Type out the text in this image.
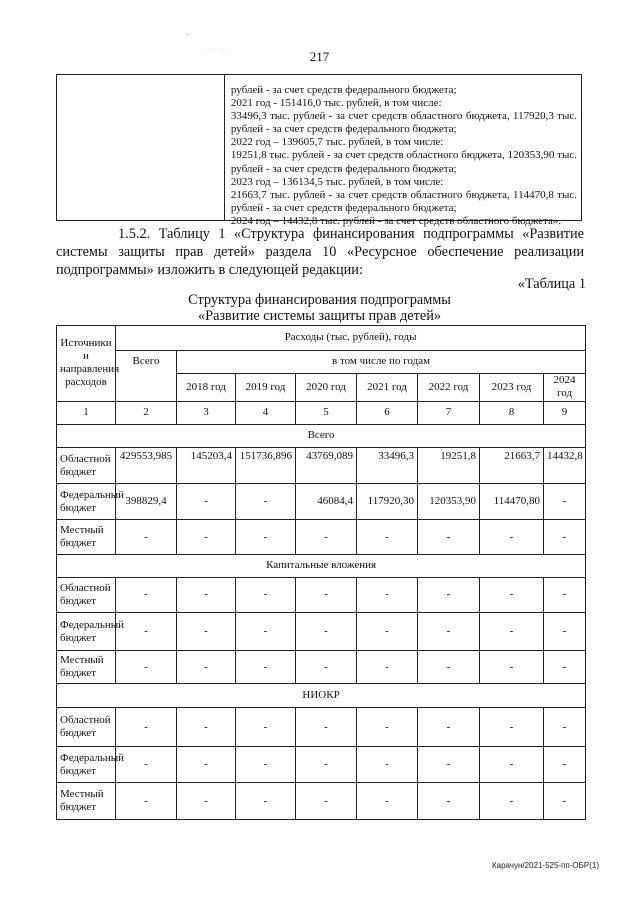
-
' ' ' ' ' '	217
рублей - за счет средств федерального бюджета;
2021 год - 151416,0 тыс. рублей, в том числе:
33496,3 тыс. рублей - за счет средств областного бюджета, 117920,3 тыс.
рублей - за счет средств федерального бюджета;
2022 год – 139605,7 тыс. рублей, в том числе:
19251,8 тыс. рублей - за счет средств областного бюджета, 120353,90 тыс.
рублей - за счет средств федерального бюджета;
2023 год – 136134,5 тыс. рублей, в том числе:
21663,7 тыс. рублей - за счет средств областного бюджета, 114470,8 тыс.
рублей - за счет средств федерального бюджета;
2024 год – 14432,8 тыс. рублей - за счет средств областного бюджета».
1.5.2. Таблицу 1 «Структура финансирования подпрограммы «Развитие
системы защиты прав детей» раздела 10 «Ресурсное обеспечение реализации
подпрограммы» изложить в следующей редакции:
«Таблица 1
Структура финансирования подпрограммы
«Развитие системы защиты прав детей»
Источники и направления расходов	Расходы (тыс. рублей), годы							
	Всего	в том числе по годам						
		2018 год	2019 год	2020 год	2021 год	2022 год	2023 год	2024 год
1	2	3	4	5	6	7	8	9
Всего								
Областной бюджет	429553,985	145203,4	151736,896	43769,089	33496,3	19251,8	21663,7	14432,8
Федеральный бюджет	398829,4	-	-	46084,4	117920,30	120353,90	114470,80	-
Местный бюджет	-	-	-	-	-	-	-	-
Капитальные вложения								
Областной бюджет	-	-	-	-	-	-	-	-
Федеральный бюджет	-	-	-	-	-	-	-	-
Местный бюджет	-	-	-	-	-	-	-	-
НИОКР								
Областной бюджет	-	-	-	-	-	-	-	-
Федеральный бюджет	-	-	-	-	-	-	-	-
Местный бюджет	-	-	-	-	-	-	-	-
Карачун/2021-525-пп-ОБР(1)
